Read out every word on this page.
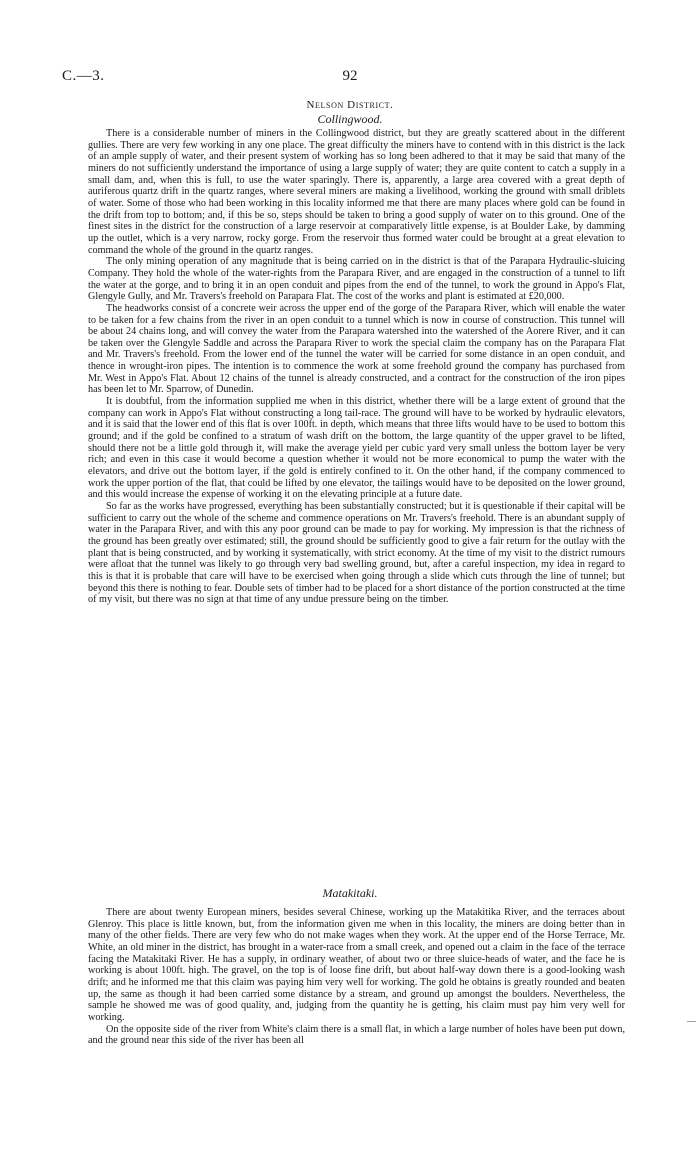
C.—3.	92
Nelson District.
Collingwood.

There is a considerable number of miners in the Collingwood district, but they are greatly scattered about in the different gullies. There are very few working in any one place. The great difficulty the miners have to contend with in this district is the lack of an ample supply of water, and their present system of working has so long been adhered to that it may be said that many of the miners do not sufficiently understand the importance of using a large supply of water; they are quite content to catch a supply in a small dam, and, when this is full, to use the water sparingly. There is, apparently, a large area covered with a great depth of auriferous quartz drift in the quartz ranges, where several miners are making a livelihood, working the ground with small driblets of water. Some of those who had been working in this locality informed me that there are many places where gold can be found in the drift from top to bottom; and, if this be so, steps should be taken to bring a good supply of water on to this ground. One of the finest sites in the district for the construction of a large reservoir at comparatively little expense, is at Boulder Lake, by damming up the outlet, which is a very narrow, rocky gorge. From the reservoir thus formed water could be brought at a great elevation to command the whole of the ground in the quartz ranges.

The only mining operation of any magnitude that is being carried on in the district is that of the Parapara Hydraulic-sluicing Company. They hold the whole of the water-rights from the Parapara River, and are engaged in the construction of a tunnel to lift the water at the gorge, and to bring it in an open conduit and pipes from the end of the tunnel, to work the ground in Appo's Flat, Glengyle Gully, and Mr. Travers's freehold on Parapara Flat. The cost of the works and plant is estimated at £20,000.

The headworks consist of a concrete weir across the upper end of the gorge of the Parapara River, which will enable the water to be taken for a few chains from the river in an open conduit to a tunnel which is now in course of construction. This tunnel will be about 24 chains long, and will convey the water from the Parapara watershed into the watershed of the Aorere River, and it can be taken over the Glengyle Saddle and across the Parapara River to work the special claim the company has on the Parapara Flat and Mr. Travers's freehold. From the lower end of the tunnel the water will be carried for some distance in an open conduit, and thence in wrought-iron pipes. The intention is to commence the work at some freehold ground the company has purchased from Mr. West in Appo's Flat. About 12 chains of the tunnel is already constructed, and a contract for the construction of the iron pipes has been let to Mr. Sparrow, of Dunedin.

It is doubtful, from the information supplied me when in this district, whether there will be a large extent of ground that the company can work in Appo's Flat without constructing a long tail-race. The ground will have to be worked by hydraulic elevators, and it is said that the lower end of this flat is over 100ft. in depth, which means that three lifts would have to be used to bottom this ground; and if the gold be confined to a stratum of wash drift on the bottom, the large quantity of the upper gravel to be lifted, should there not be a little gold through it, will make the average yield per cubic yard very small unless the bottom layer be very rich; and even in this case it would become a question whether it would not be more economical to pump the water with the elevators, and drive out the bottom layer, if the gold is entirely confined to it. On the other hand, if the company commenced to work the upper portion of the flat, that could be lifted by one elevator, the tailings would have to be deposited on the lower ground, and this would increase the expense of working it on the elevating principle at a future date.

So far as the works have progressed, everything has been substantially constructed; but it is questionable if their capital will be sufficient to carry out the whole of the scheme and commence operations on Mr. Travers's freehold. There is an abundant supply of water in the Parapara River, and with this any poor ground can be made to pay for working. My impression is that the richness of the ground has been greatly over estimated; still, the ground should be sufficiently good to give a fair return for the outlay with the plant that is being constructed, and by working it systematically, with strict economy. At the time of my visit to the district rumours were afloat that the tunnel was likely to go through very bad swelling ground, but, after a careful inspection, my idea in regard to this is that it is probable that care will have to be exercised when going through a slide which cuts through the line of tunnel; but beyond this there is nothing to fear. Double sets of timber had to be placed for a short distance of the portion constructed at the time of my visit, but there was no sign at that time of any undue pressure being on the timber.

Matakitaki.

There are about twenty European miners, besides several Chinese, working up the Matakitika River, and the terraces about Glenroy. This place is little known, but, from the information given me when in this locality, the miners are doing better than in many of the other fields. There are very few who do not make wages when they work. At the upper end of the Horse Terrace, Mr. White, an old miner in the district, has brought in a water-race from a small creek, and opened out a claim in the face of the terrace facing the Matakitaki River. He has a supply, in ordinary weather, of about two or three sluice-heads of water, and the face he is working is about 100ft. high. The gravel, on the top is of loose fine drift, but about half-way down there is a good-looking wash drift; and he informed me that this claim was paying him very well for working. The gold he obtains is greatly rounded and beaten up, the same as though it had been carried some distance by a stream, and ground up amongst the boulders. Nevertheless, the sample he showed me was of good quality, and, judging from the quantity he is getting, his claim must pay him very well for working.

On the opposite side of the river from White's claim there is a small flat, in which a large number of holes have been put down, and the ground near this side of the river has been all

—
